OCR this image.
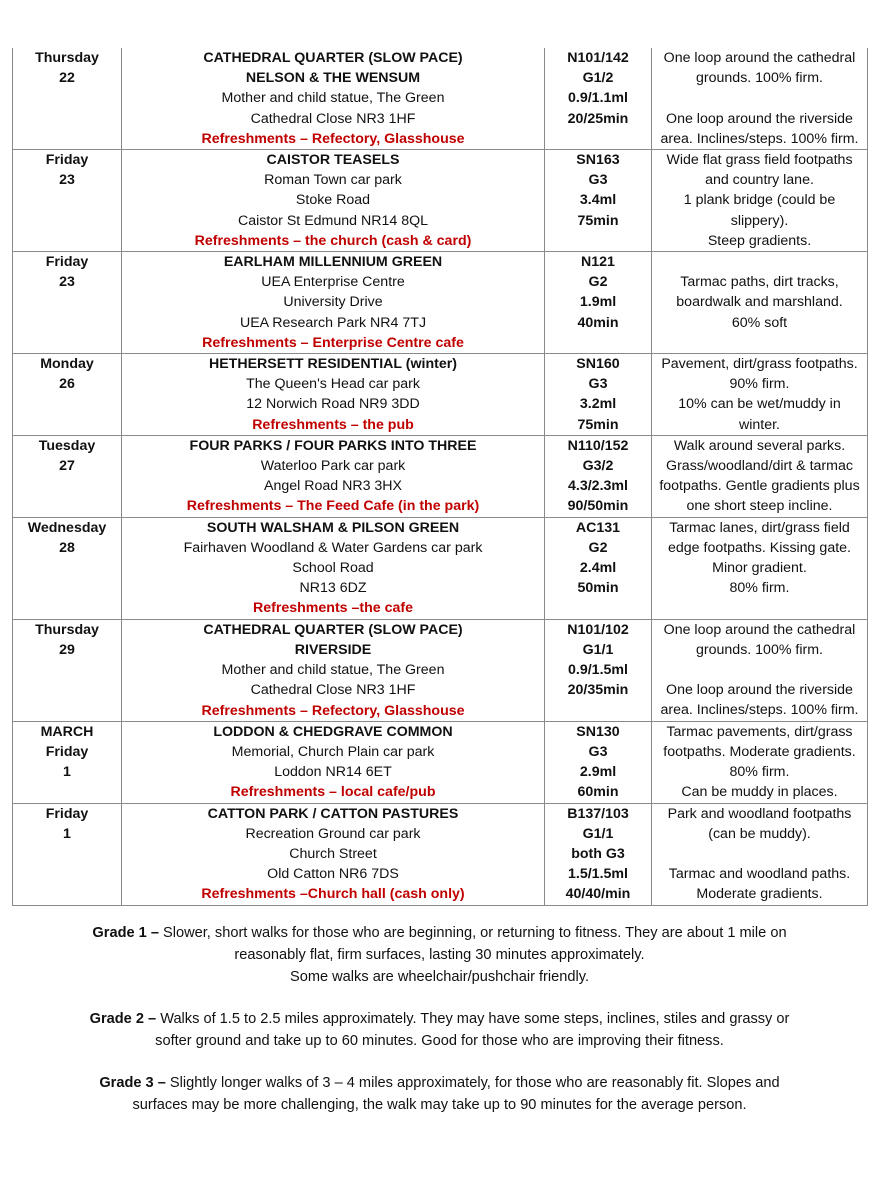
Thursday
22	CATHEDRAL QUARTER (SLOW PACE)
NELSON & THE WENSUM
Mother and child statue, The Green
Cathedral Close NR3 1HF
Refreshments – Refectory, Glasshouse	N101/142
G1/2
0.9/1.1ml
20/25min	One loop around the cathedral
grounds. 100% firm.
One loop around the riverside
area. Inclines/steps. 100% firm.

Friday
23	CAISTOR TEASELS
Roman Town car park
Stoke Road
Caistor St Edmund NR14 8QL
Refreshments – the church (cash & card)	SN163
G3
3.4ml
75min	Wide flat grass field footpaths
and country lane.
1 plank bridge (could be
slippery).
Steep gradients.

Friday
23	EARLHAM MILLENNIUM GREEN
UEA Enterprise Centre
University Drive
UEA Research Park NR4 7TJ
Refreshments – Enterprise Centre cafe	N121
G2
1.9ml
40min	Tarmac paths, dirt tracks,
boardwalk and marshland.
60% soft

Monday
26	HETHERSETT RESIDENTIAL (winter)
The Queen's Head car park
12 Norwich Road NR9 3DD
Refreshments – the pub	SN160
G3
3.2ml
75min	Pavement, dirt/grass footpaths.
90% firm.
10% can be wet/muddy in
winter.

Tuesday
27	FOUR PARKS / FOUR PARKS INTO THREE
Waterloo Park car park
Angel Road NR3 3HX
Refreshments – The Feed Cafe (in the park)	N110/152
G3/2
4.3/2.3ml
90/50min	Walk around several parks.
Grass/woodland/dirt & tarmac
footpaths. Gentle gradients plus
one short steep incline.

Wednesday
28	SOUTH WALSHAM & PILSON GREEN
Fairhaven Woodland & Water Gardens car park
School Road
NR13 6DZ
Refreshments –the cafe	AC131
G2
2.4ml
50min	Tarmac lanes, dirt/grass field
edge footpaths. Kissing gate.
Minor gradient.
80% firm.

Thursday
29	CATHEDRAL QUARTER (SLOW PACE)
RIVERSIDE
Mother and child statue, The Green
Cathedral Close NR3 1HF
Refreshments – Refectory, Glasshouse	N101/102
G1/1
0.9/1.5ml
20/35min	One loop around the cathedral
grounds. 100% firm.
One loop around the riverside
area. Inclines/steps. 100% firm.

MARCH
Friday
1	LODDON & CHEDGRAVE COMMON
Memorial, Church Plain car park
Loddon NR14 6ET
Refreshments – local cafe/pub	SN130
G3
2.9ml
60min	Tarmac pavements, dirt/grass
footpaths. Moderate gradients.
80% firm.
Can be muddy in places.

Friday
1	CATTON PARK / CATTON PASTURES
Recreation Ground car park
Church Street
Old Catton NR6 7DS
Refreshments –Church hall (cash only)	B137/103
G1/1
both G3
1.5/1.5ml
40/40/min	Park and woodland footpaths
(can be muddy).
Tarmac and woodland paths.
Moderate gradients.

Grade 1 – Slower, short walks for those who are beginning, or returning to fitness. They are about 1 mile on
reasonably flat, firm surfaces, lasting 30 minutes approximately.
Some walks are wheelchair/pushchair friendly.

Grade 2 – Walks of 1.5 to 2.5 miles approximately. They may have some steps, inclines, stiles and grassy or
softer ground and take up to 60 minutes. Good for those who are improving their fitness.

Grade 3 – Slightly longer walks of 3 – 4 miles approximately, for those who are reasonably fit. Slopes and
surfaces may be more challenging, the walk may take up to 90 minutes for the average person.
